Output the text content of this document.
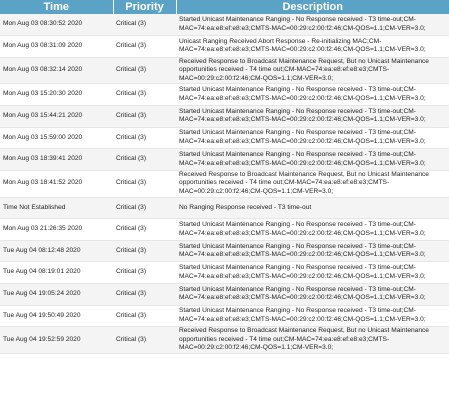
Time	Priority	Description
Mon Aug 03 08:30:52 2020	Critical (3)	Started Unicast Maintenance Ranging - No Response received - T3 time-out;CM-MAC=74:ea:e8:ef:e8:e3;CMTS-MAC=00:29:c2:00:f2:46;CM-QOS=1.1;CM-VER=3.0;
Mon Aug 03 08:31:09 2020	Critical (3)	Unicast Ranging Received Abort Response - Re-initializing MAC;CM-MAC=74:ea:e8:ef:e8:e3;CMTS-MAC=00:29:c2:00:f2:46;CM-QOS=1.1;CM-VER=3.0;
Mon Aug 03 08:32:14 2020	Critical (3)	Received Response to Broadcast Maintenance Request, But no Unicast Maintenance opportunities received - T4 time out;CM-MAC=74:ea:e8:ef:e8:e3;CMTS-MAC=00:29:c2:00:f2:46;CM-QOS=1.1;CM-VER=3.0;
Mon Aug 03 15:20:30 2020	Critical (3)	Started Unicast Maintenance Ranging - No Response received - T3 time-out;CM-MAC=74:ea:e8:ef:e8:e3;CMTS-MAC=00:29:c2:00:f2:46;CM-QOS=1.1;CM-VER=3.0;
Mon Aug 03 15:44:21 2020	Critical (3)	Started Unicast Maintenance Ranging - No Response received - T3 time-out;CM-MAC=74:ea:e8:ef:e8:e3;CMTS-MAC=00:29:c2:00:f2:46;CM-QOS=1.1;CM-VER=3.0;
Mon Aug 03 15:59:00 2020	Critical (3)	Started Unicast Maintenance Ranging - No Response received - T3 time-out;CM-MAC=74:ea:e8:ef:e8:e3;CMTS-MAC=00:29:c2:00:f2:46;CM-QOS=1.1;CM-VER=3.0;
Mon Aug 03 18:39:41 2020	Critical (3)	Started Unicast Maintenance Ranging - No Response received - T3 time-out;CM-MAC=74:ea:e8:ef:e8:e3;CMTS-MAC=00:29:c2:00:f2:46;CM-QOS=1.1;CM-VER=3.0;
Mon Aug 03 18:41:52 2020	Critical (3)	Received Response to Broadcast Maintenance Request, But no Unicast Maintenance opportunities received - T4 time out;CM-MAC=74:ea:e8:ef:e8:e3;CMTS-MAC=00:29:c2:00:f2:46;CM-QOS=1.1;CM-VER=3.0;
Time Not Established	Critical (3)	No Ranging Response received - T3 time-out
Mon Aug 03 21:26:35 2020	Critical (3)	Started Unicast Maintenance Ranging - No Response received - T3 time-out;CM-MAC=74:ea:e8:ef:e8:e3;CMTS-MAC=00:29:c2:00:f2:46;CM-QOS=1.1;CM-VER=3.0;
Tue Aug 04 08:12:48 2020	Critical (3)	Started Unicast Maintenance Ranging - No Response received - T3 time-out;CM-MAC=74:ea:e8:ef:e8:e3;CMTS-MAC=00:29:c2:00:f2:46;CM-QOS=1.1;CM-VER=3.0;
Tue Aug 04 08:19:01 2020	Critical (3)	Started Unicast Maintenance Ranging - No Response received - T3 time-out;CM-MAC=74:ea:e8:ef:e8:e3;CMTS-MAC=00:29:c2:00:f2:46;CM-QOS=1.1;CM-VER=3.0;
Tue Aug 04 19:05:24 2020	Critical (3)	Started Unicast Maintenance Ranging - No Response received - T3 time-out;CM-MAC=74:ea:e8:ef:e8:e3;CMTS-MAC=00:29:c2:00:f2:46;CM-QOS=1.1;CM-VER=3.0;
Tue Aug 04 19:50:49 2020	Critical (3)	Started Unicast Maintenance Ranging - No Response received - T3 time-out;CM-MAC=74:ea:e8:ef:e8:e3;CMTS-MAC=00:29:c2:00:f2:46;CM-QOS=1.1;CM-VER=3.0;
Tue Aug 04 19:52:59 2020	Critical (3)	Received Response to Broadcast Maintenance Request, But no Unicast Maintenance opportunities received - T4 time out;CM-MAC=74:ea:e8:ef:e8:e3;CMTS-MAC=00:29:c2:00:f2:46;CM-QOS=1.1;CM-VER=3.0;
